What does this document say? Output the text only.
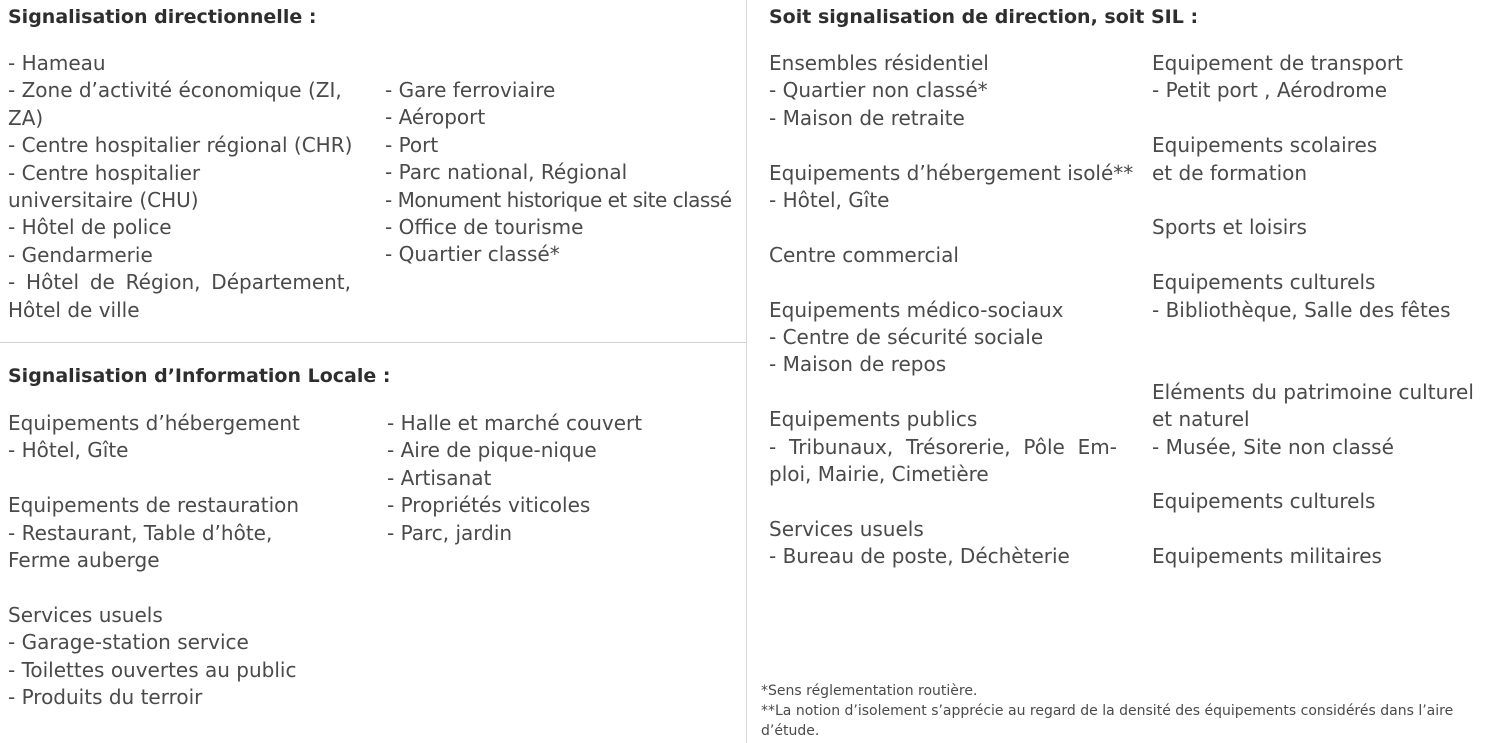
Signalisation directionnelle :
- Hameau
- Zone d’activité économique (ZI, ZA)
- Centre hospitalier régional (CHR)
- Centre hospitalier universitaire (CHU)
- Hôtel de police
- Gendarmerie
- Hôtel de Région, Département, Hôtel de ville
- Gare ferroviaire
- Aéroport
- Port
- Parc national, Régional
- Monument historique et site classé
- Office de tourisme
- Quartier classé*
Signalisation d’Information Locale :
Equipements d’hébergement
- Hôtel, Gîte
Equipements de restauration
- Restaurant, Table d’hôte,
Ferme auberge
Services usuels
- Garage-station service
- Toilettes ouvertes au public
- Produits du terroir
- Halle et marché couvert
- Aire de pique-nique
- Artisanat
- Propriétés viticoles
- Parc, jardin
Soit signalisation de direction, soit SIL :
Ensembles résidentiel
- Quartier non classé*
- Maison de retraite
Equipements d’hébergement isolé**
- Hôtel, Gîte
Centre commercial
Equipements médico-sociaux
- Centre de sécurité sociale
- Maison de repos
Equipements publics
- Tribunaux, Trésorerie, Pôle Emploi, Mairie, Cimetière
Services usuels
- Bureau de poste, Déchèterie
Equipement de transport
- Petit port , Aérodrome
Equipements scolaires
et de formation
Sports et loisirs
Equipements culturels
- Bibliothèque, Salle des fêtes
Eléments du patrimoine culturel
et naturel
- Musée, Site non classé
Equipements culturels
Equipements militaires
*Sens réglementation routière.
**La notion d’isolement s’apprécie au regard de la densité des équipements considérés dans l’aire d’étude.
